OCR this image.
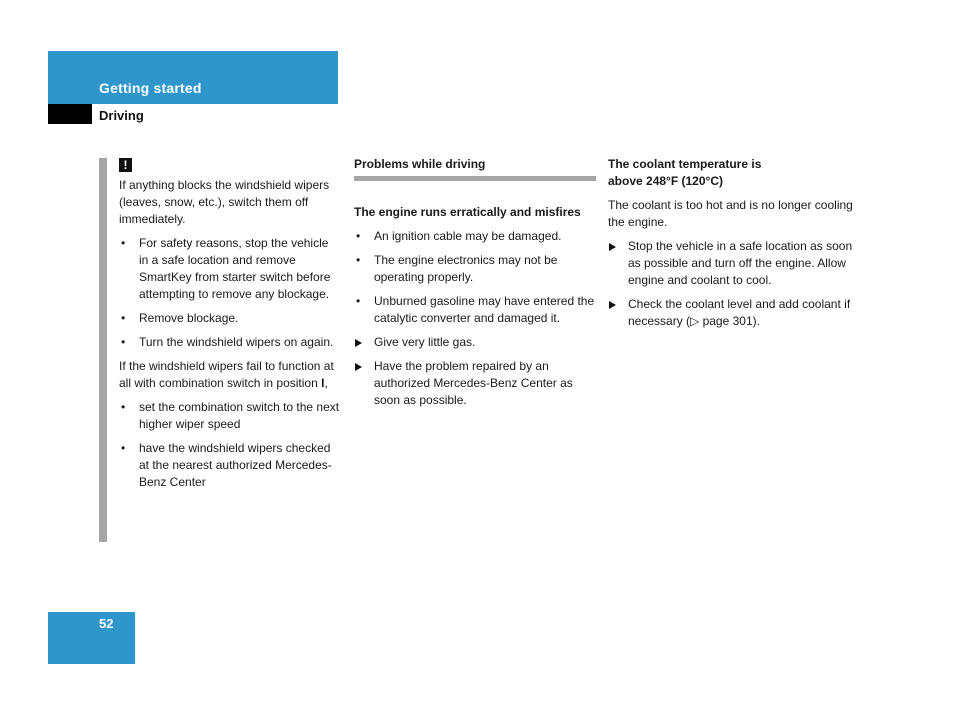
Getting started
Driving
!

If anything blocks the windshield wipers (leaves, snow, etc.), switch them off immediately.

• For safety reasons, stop the vehicle in a safe location and remove SmartKey from starter switch before attempting to remove any blockage.
• Remove blockage.
• Turn the windshield wipers on again.

If the windshield wipers fail to function at all with combination switch in position I,

• set the combination switch to the next higher wiper speed
• have the windshield wipers checked at the nearest authorized Mercedes-Benz Center
Problems while driving

The engine runs erratically and misfires

• An ignition cable may be damaged.
• The engine electronics may not be operating properly.
• Unburned gasoline may have entered the catalytic converter and damaged it.
Give very little gas.
Have the problem repaired by an authorized Mercedes-Benz Center as soon as possible.
The coolant temperature is
above 248°F (120°C)

The coolant is too hot and is no longer cooling the engine.

Stop the vehicle in a safe location as soon as possible and turn off the engine. Allow engine and coolant to cool.
Check the coolant level and add coolant if necessary (▷ page 301).
52
